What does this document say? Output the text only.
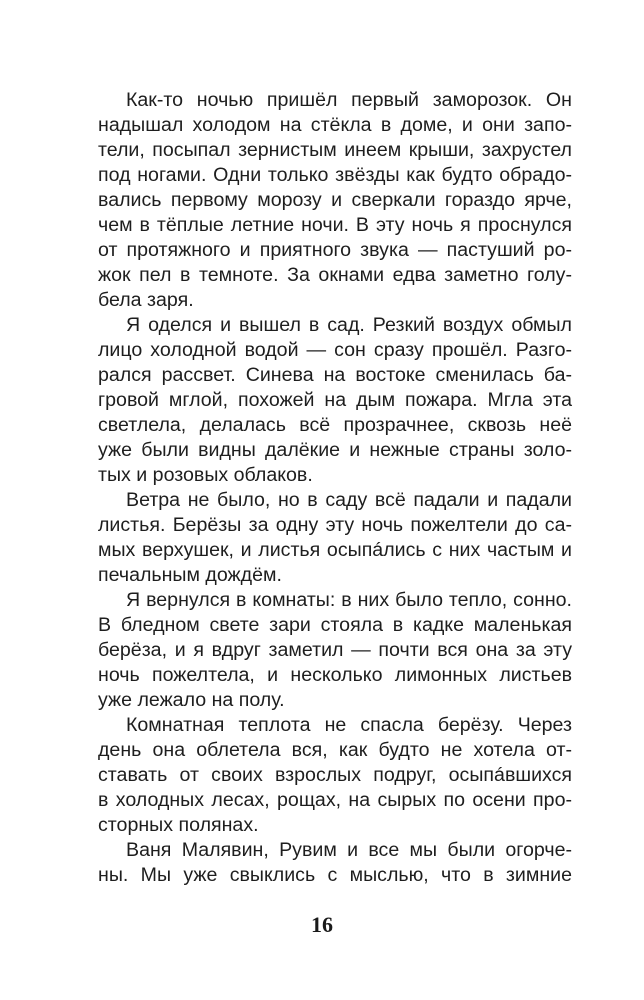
Как-то ночью пришёл первый заморозок. Он
надышал холодом на стёкла в доме, и они запо-
тели, посыпал зернистым инеем крыши, захрустел
под ногами. Одни только звёзды как будто обрадо-
вались первому морозу и сверкали гораздо ярче,
чем в тёплые летние ночи. В эту ночь я проснулся
от протяжного и приятного звука — пастуший ро-
жок пел в темноте. За окнами едва заметно голу-
бела заря.
Я оделся и вышел в сад. Резкий воздух обмыл
лицо холодной водой — сон сразу прошёл. Разго-
рался рассвет. Синева на востоке сменилась ба-
гровой мглой, похожей на дым пожара. Мгла эта
светлела, делалась всё прозрачнее, сквозь неё
уже были видны далёкие и нежные страны золо-
тых и розовых облаков.
Ветра не было, но в саду всё падали и падали
листья. Берёзы за одну эту ночь пожелтели до са-
мых верхушек, и листья осыпáлись с них частым и
печальным дождём.
Я вернулся в комнаты: в них было тепло, сонно.
В бледном свете зари стояла в кадке маленькая
берёза, и я вдруг заметил — почти вся она за эту
ночь пожелтела, и несколько лимонных листьев
уже лежало на полу.
Комнатная теплота не спасла берёзу. Через
день она облетела вся, как будто не хотела от-
ставать от своих взрослых подруг, осыпáвшихся
в холодных лесах, рощах, на сырых по осени про-
сторных полянах.
Ваня Малявин, Рувим и все мы были огорче-
ны. Мы уже свыклись с мыслью, что в зимние
16
